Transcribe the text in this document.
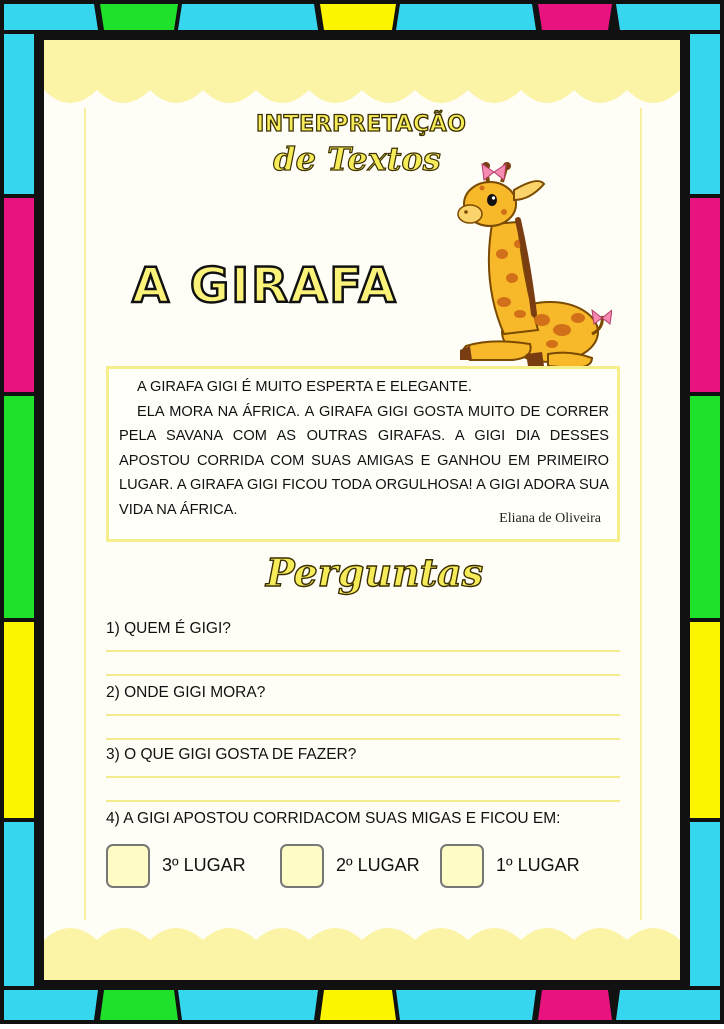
INTERPRETAÇÃO
de Textos
A GIRAFA

A GIRAFA GIGI É MUITO ESPERTA E ELEGANTE.

ELA MORA NA ÁFRICA. A GIRAFA GIGI GOSTA MUITO DE CORRER PELA SAVANA COM AS OUTRAS GIRAFAS. A GIGI DIA DESSES APOSTOU CORRIDA COM SUAS AMIGAS E GANHOU EM PRIMEIRO LUGAR. A GIRAFA GIGI FICOU TODA ORGULHOSA! A GIGI ADORA SUA VIDA NA ÁFRICA.

Eliana de Oliveira
Perguntas
1) QUEM É GIGI?
2) ONDE GIGI MORA?
3) O QUE GIGI GOSTA DE FAZER?
4) A GIGI APOSTOU CORRIDACOM SUAS MIGAS E FICOU EM:
3º LUGAR	2º LUGAR	1º LUGAR
